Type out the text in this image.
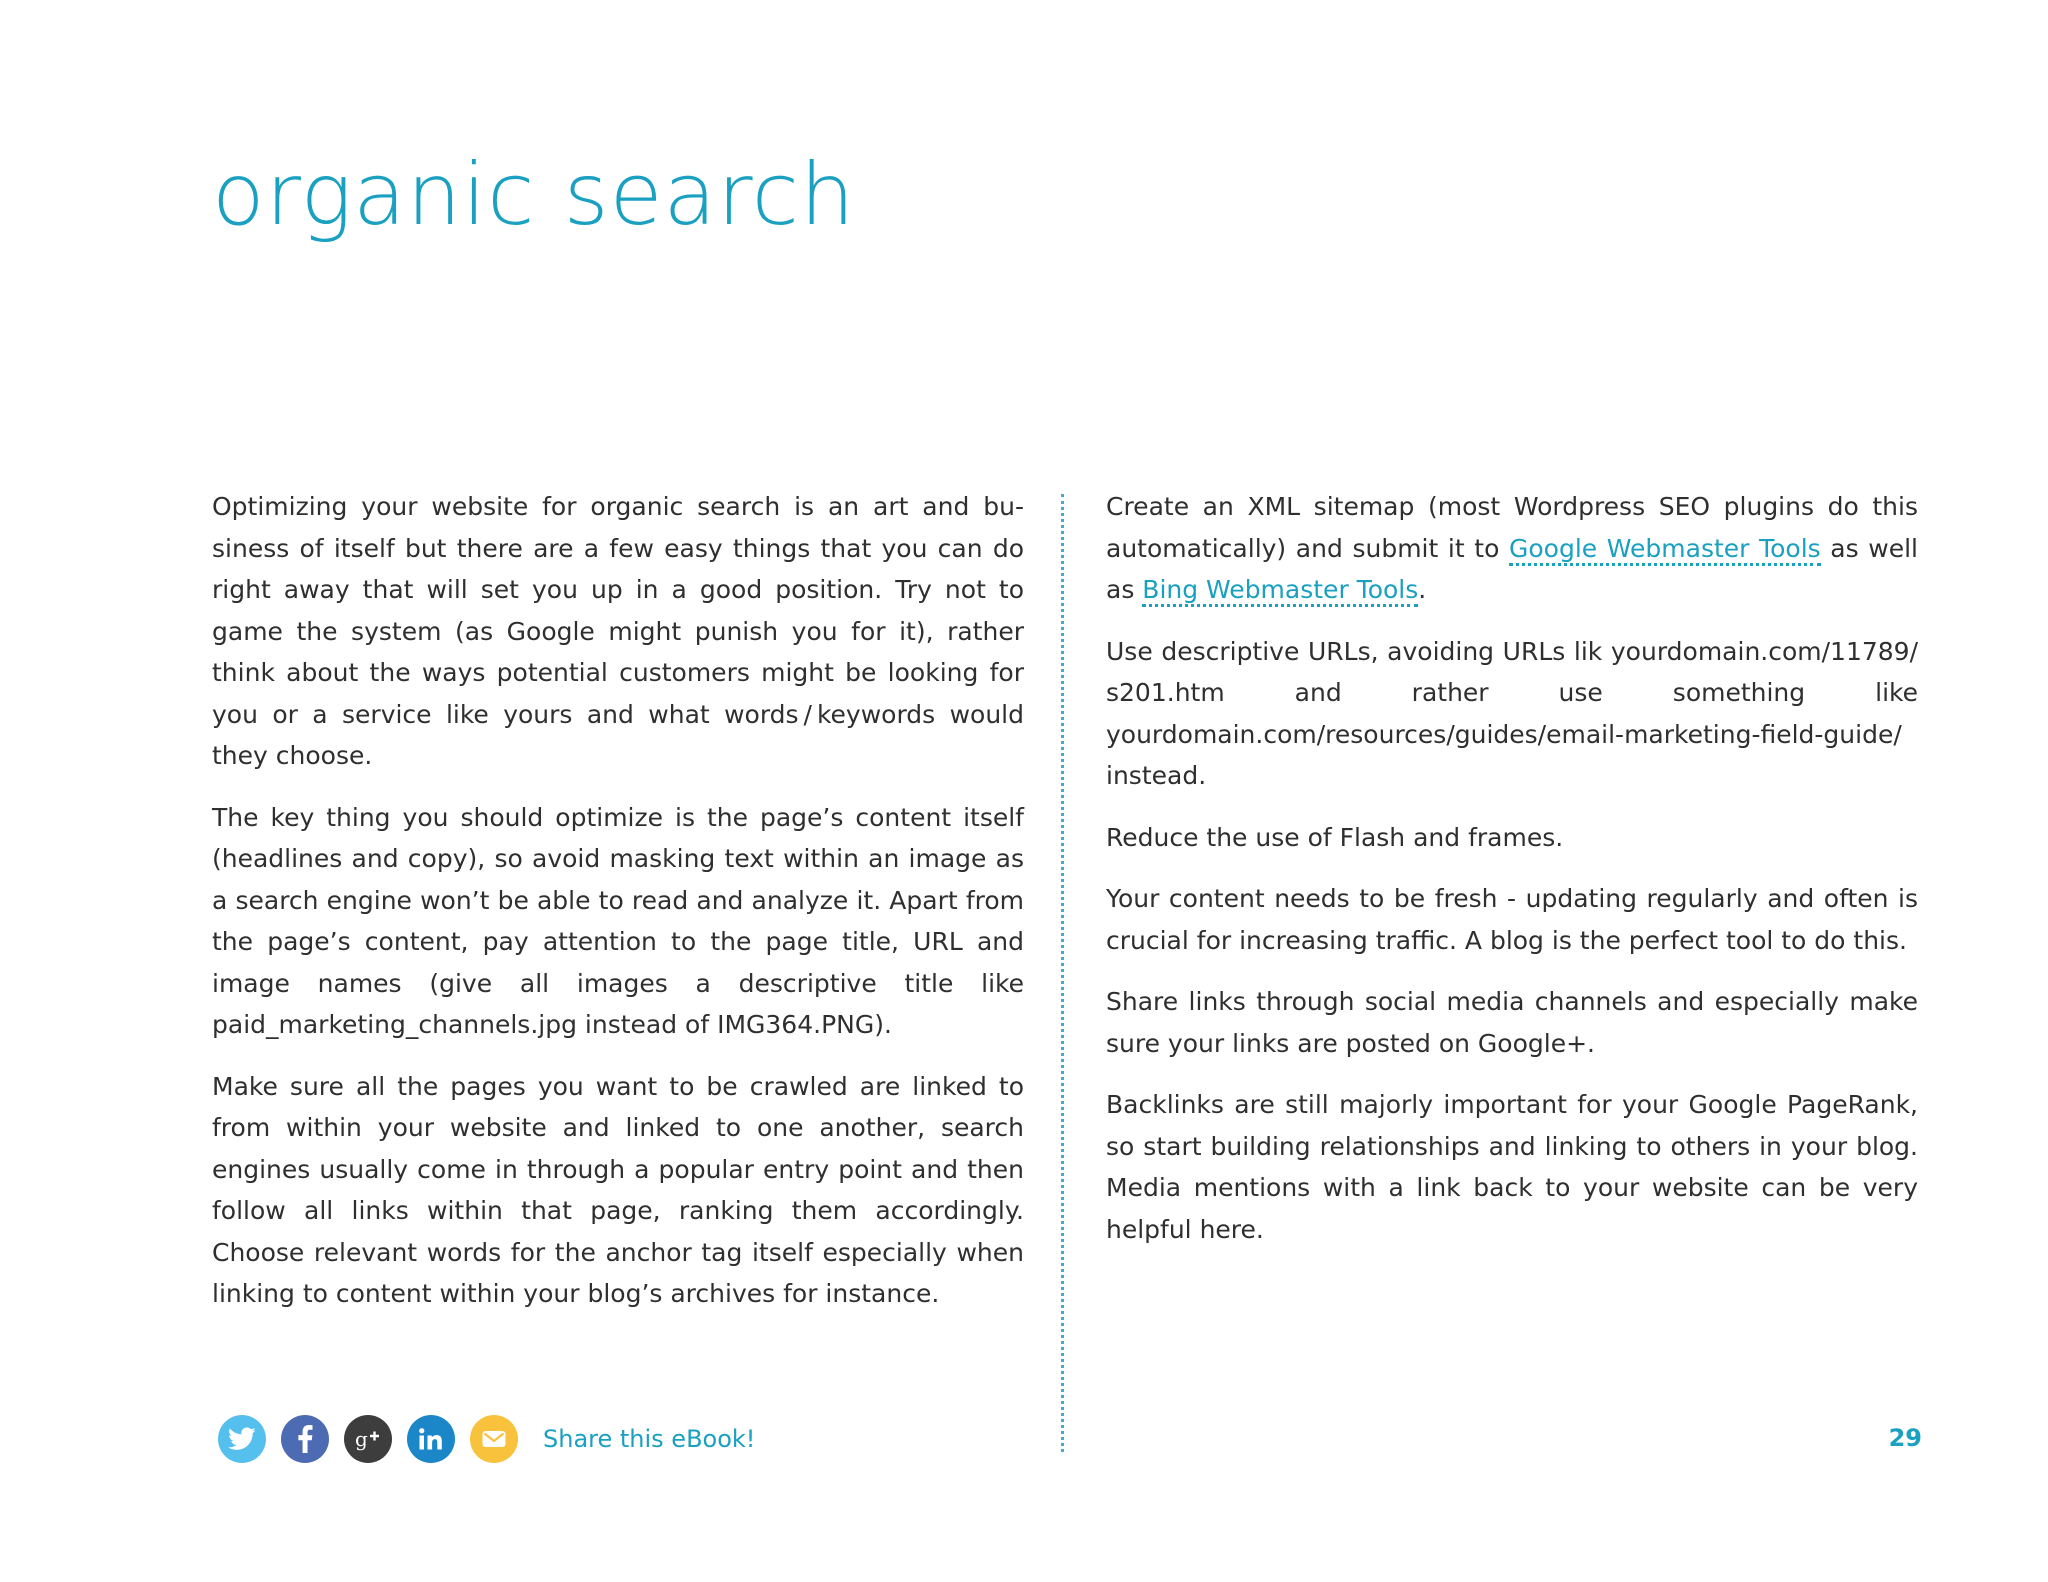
organic search

Optimizing your website for organic search is an art and business of itself but there are a few easy things that you can do right away that will set you up in a good position. Try not to game the system (as Google might punish you for it), rather think about the ways potential customers might be looking for you or a service like yours and what words / keywords would they choose.

The key thing you should optimize is the page’s content itself (headlines and copy), so avoid masking text within an image as a search engine won’t be able to read and analyze it. Apart from the page’s content, pay attention to the page title, URL and image names (give all images a descriptive title like paid_marketing_channels.jpg instead of IMG364.PNG).

Make sure all the pages you want to be crawled are linked to from within your website and linked to one another, search engines usually come in through a popular entry point and then follow all links within that page, ranking them accordingly. Choose relevant words for the anchor tag itself especially when linking to content within your blog’s archives for instance.

Create an XML sitemap (most Wordpress SEO plugins do this automatically) and submit it to Google Webmaster Tools as well as Bing Webmaster Tools.

Use descriptive URLs, avoiding URLs lik yourdomain.com/11789/​s201.htm and rather use something like yourdomain.com/resources/guides/email-marketing-field-guide/ instead.

Reduce the use of Flash and frames.

Your content needs to be fresh - updating regularly and often is crucial for increasing traffic. A blog is the perfect tool to do this.

Share links through social media channels and especially make sure your links are posted on Google+.

Backlinks are still majorly important for your Google PageRank, so start building relationships and linking to others in your blog. Media mentions with a link back to your website can be very helpful here.

g	Share this eBook!	29
